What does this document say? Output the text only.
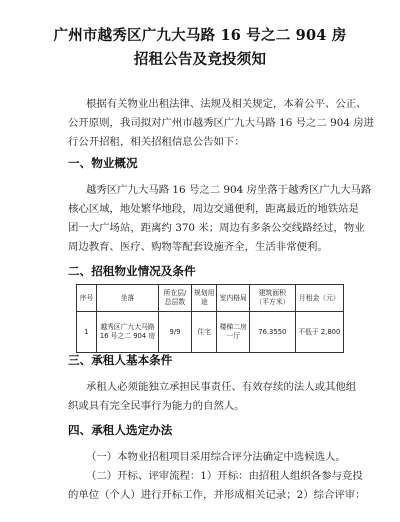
广州市越秀区广九大马路 16 号之二 904 房
招租公告及竞投须知
根据有关物业出租法律、法规及相关规定，本着公平、公正、
公开原则，我司拟对广州市越秀区广九大马路 16 号之二 904 房进
行公开招租，相关招租信息公告如下：
一、物业概况
越秀区广九大马路 16 号之二 904 房坐落于越秀区广九大马路
核心区域，地处繁华地段，周边交通便利，距离最近的地铁站是
团一大广场站，距离约 370 米；周边有多条公交线路经过，物业
周边教育、医疗、购物等配套设施齐全，生活非常便利。
二、招租物业情况及条件
序号	坐落	所在层/总层数	规划用途	室内格局	建筑面积（平方米）	月租金（元）
1	越秀区广九大马路 16 号之二 904 房	9/9	住宅	楼梯二房一厅	76.3550	不低于 2,800
三、承租人基本条件
承租人必须能独立承担民事责任、有效存续的法人或其他组
织或具有完全民事行为能力的自然人。
四、承租人选定办法
（一）本物业招租项目采用综合评分法确定中选候选人。
（二）开标、评审流程：1）开标：由招租人组织各参与竞投
的单位（个人）进行开标工作，并形成相关记录；2）综合评审：
